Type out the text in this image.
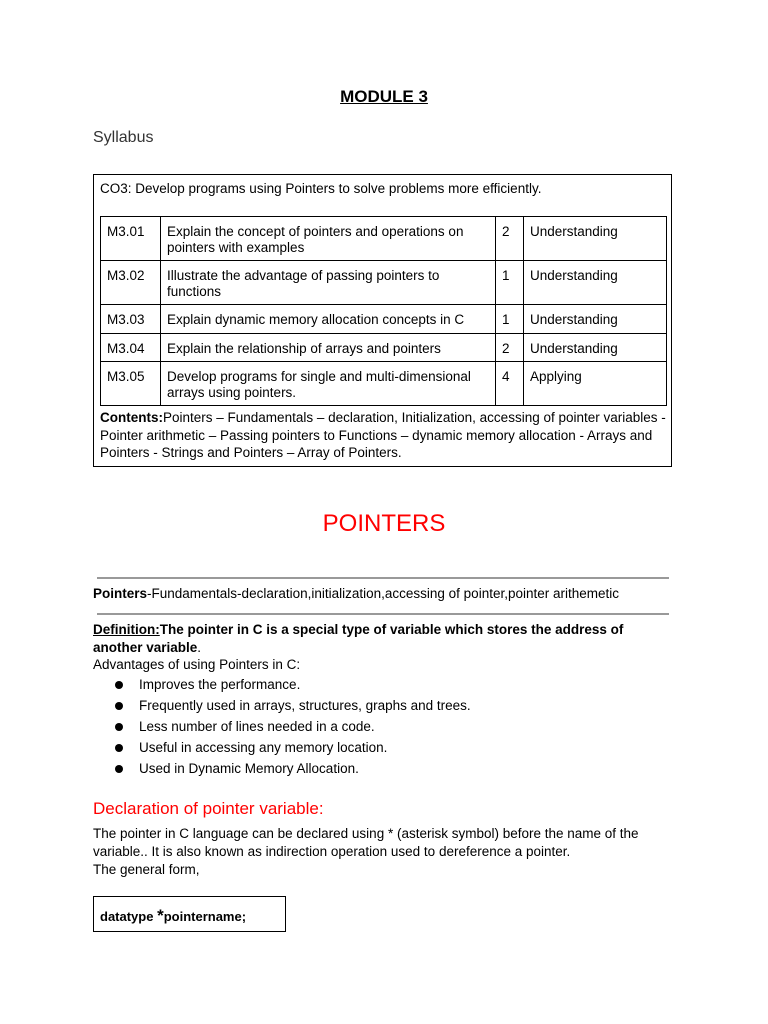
MODULE 3
Syllabus
CO3: Develop programs using Pointers to solve problems more efficiently.
M3.01	Explain the concept of pointers and operations on pointers with examples	2	Understanding
M3.02	Illustrate the advantage of passing pointers to functions	1	Understanding
M3.03	Explain dynamic memory allocation concepts in C	1	Understanding
M3.04	Explain the relationship of arrays and pointers	2	Understanding
M3.05	Develop programs for single and multi-dimensional arrays using pointers.	4	Applying
Contents:Pointers – Fundamentals – declaration, Initialization, accessing of pointer variables -Pointer arithmetic – Passing pointers to Functions – dynamic memory allocation - Arrays and Pointers - Strings and Pointers – Array of Pointers.
POINTERS
Pointers-Fundamentals-declaration,initialization,accessing of pointer,pointer arithemetic
Definition:The pointer in C is a special type of variable which stores the address of another variable.
Advantages of using Pointers in C:
Improves the performance.
Frequently used in arrays, structures, graphs and trees.
Less number of lines needed in a code.
Useful in accessing any memory location.
Used in Dynamic Memory Allocation.
Declaration of pointer variable:
The pointer in C language can be declared using * (asterisk symbol) before the name of the variable.. It is also known as indirection operation used to dereference a pointer.
The general form,
datatype *pointername;
